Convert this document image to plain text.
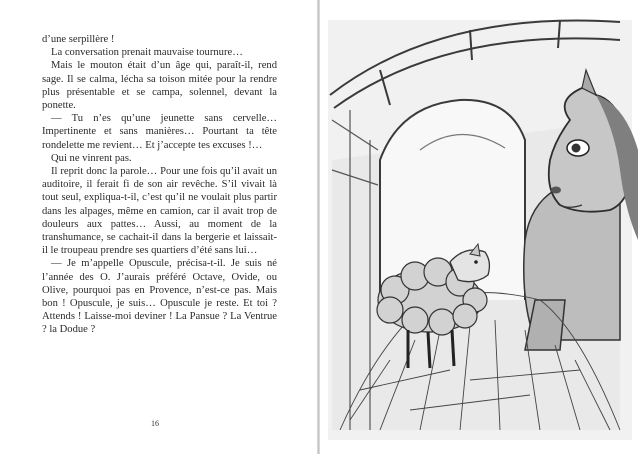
d’une serpillère !

La conversation prenait mauvaise tournure…

Mais le mouton était d’un âge qui, paraît-il, rend sage. Il se calma, lécha sa toison mitée pour la rendre plus présentable et se campa, solennel, devant la ponette.

— Tu n’es qu’une jeunette sans cervelle… Impertinente et sans manières… Pourtant ta tête rondelette me revient… Et j’accepte tes excuses !…

Qui ne vinrent pas.

Il reprit donc la parole… Pour une fois qu’il avait un auditoire, il ferait fi de son air revêche. S’il vivait là tout seul, expliqua-t-il, c’est qu’il ne voulait plus partir dans les alpages, même en camion, car il avait trop de douleurs aux pattes… Aussi, au moment de la transhumance, se cachait-il dans la bergerie et laissait-il le troupeau prendre ses quartiers d’été sans lui…

— Je m’appelle Opuscule, précisa-t-il. Je suis né l’année des O. J’aurais préféré Octave, Ovide, ou Olive, pourquoi pas en Provence, n’est-ce pas. Mais bon ! Opuscule, je suis… Opuscule je reste. Et toi ? Attends ! Laisse-moi deviner ! La Pansue ? La Ventrue ? la Dodue ?

16
